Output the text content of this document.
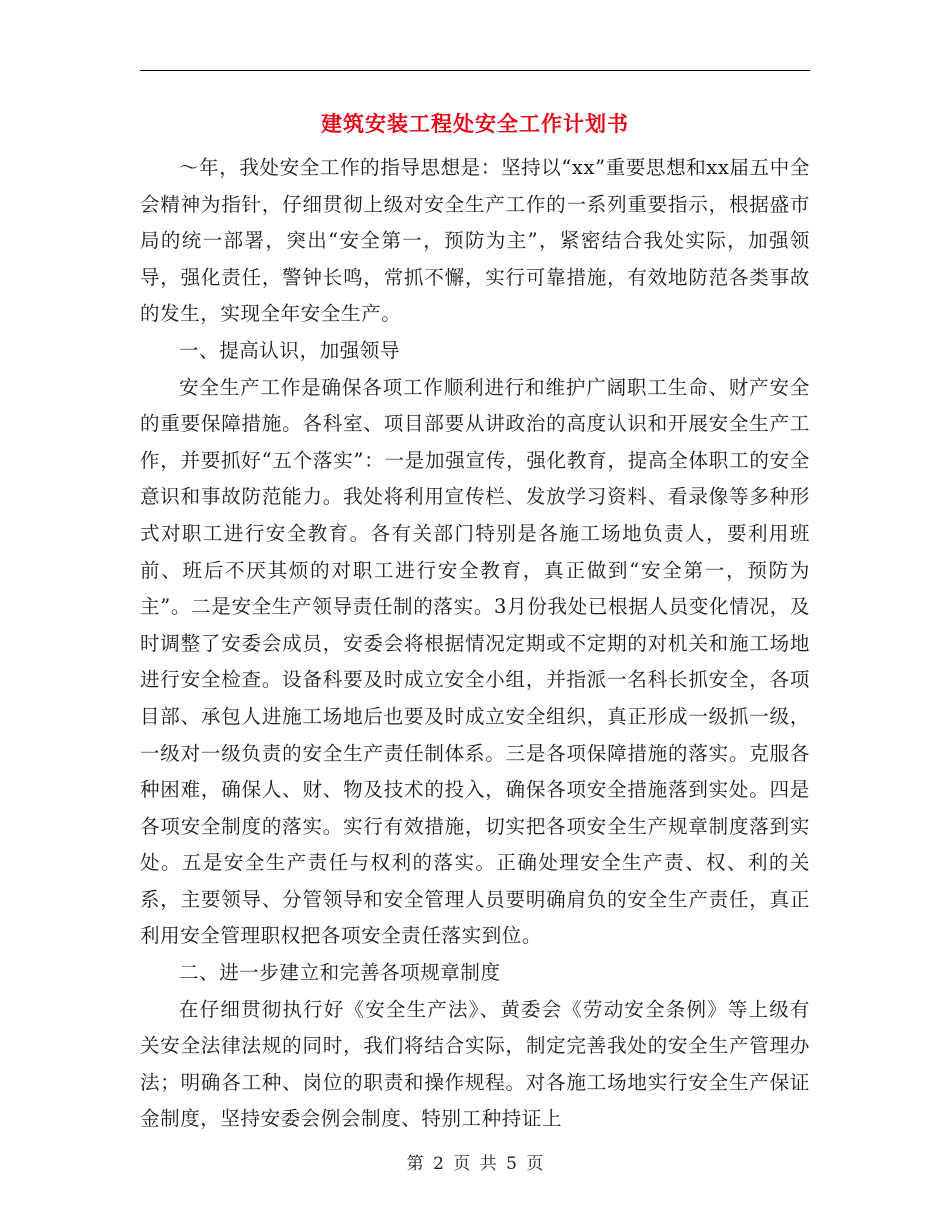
建筑安装工程处安全工作计划书

～年，我处安全工作的指导思想是：坚持以“xx”重要思想和xx届五中全会精神为指针，仔细贯彻上级对安全生产工作的一系列重要指示，根据盛市局的统一部署，突出“安全第一，预防为主”，紧密结合我处实际，加强领导，强化责任，警钟长鸣，常抓不懈，实行可靠措施，有效地防范各类事故的发生，实现全年安全生产。

一、提高认识，加强领导

安全生产工作是确保各项工作顺利进行和维护广阔职工生命、财产安全的重要保障措施。各科室、项目部要从讲政治的高度认识和开展安全生产工作，并要抓好“五个落实”：一是加强宣传，强化教育，提高全体职工的安全意识和事故防范能力。我处将利用宣传栏、发放学习资料、看录像等多种形式对职工进行安全教育。各有关部门特别是各施工场地负责人，要利用班前、班后不厌其烦的对职工进行安全教育，真正做到“安全第一，预防为主”。二是安全生产领导责任制的落实。3月份我处已根据人员变化情况，及时调整了安委会成员，安委会将根据情况定期或不定期的对机关和施工场地进行安全检查。设备科要及时成立安全小组，并指派一名科长抓安全，各项目部、承包人进施工场地后也要及时成立安全组织，真正形成一级抓一级，一级对一级负责的安全生产责任制体系。三是各项保障措施的落实。克服各种困难，确保人、财、物及技术的投入，确保各项安全措施落到实处。四是各项安全制度的落实。实行有效措施，切实把各项安全生产规章制度落到实处。五是安全生产责任与权利的落实。正确处理安全生产责、权、利的关系，主要领导、分管领导和安全管理人员要明确肩负的安全生产责任，真正利用安全管理职权把各项安全责任落实到位。

二、进一步建立和完善各项规章制度

在仔细贯彻执行好《安全生产法》、黄委会《劳动安全条例》等上级有关安全法律法规的同时，我们将结合实际，制定完善我处的安全生产管理办法；明确各工种、岗位的职责和操作规程。对各施工场地实行安全生产保证金制度，坚持安委会例会制度、特别工种持证上

第 2 页 共 5 页
